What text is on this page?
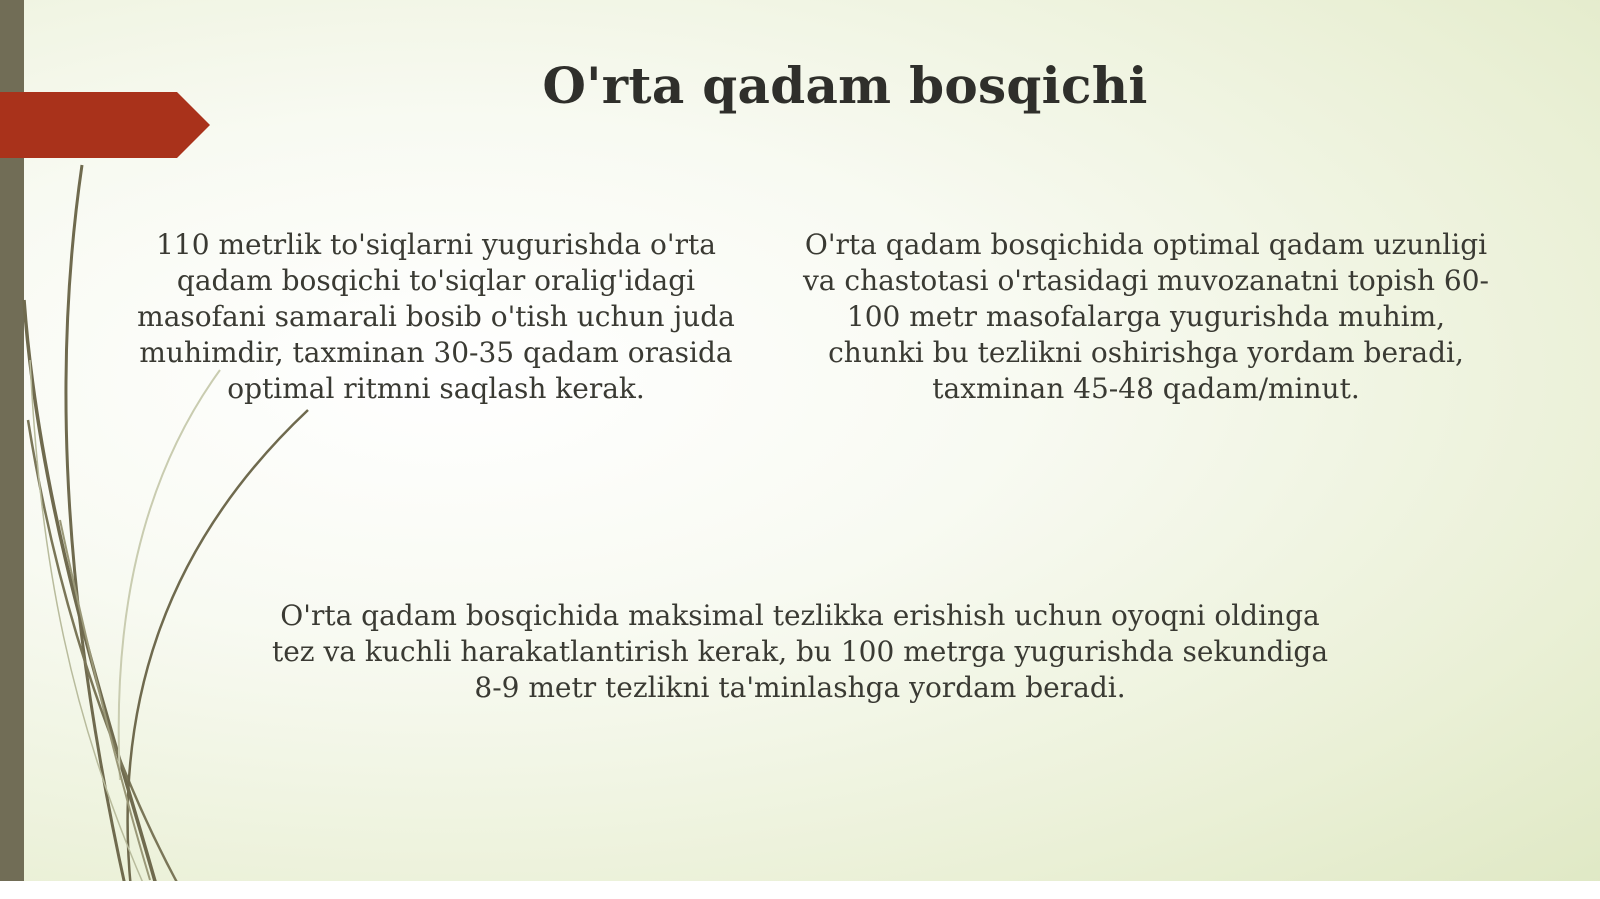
O'rta qadam bosqichi

110 metrlik to'siqlarni yugurishda o'rta qadam bosqichi to'siqlar oralig'idagi masofani samarali bosib o'tish uchun juda muhimdir, taxminan 30-35 qadam orasida optimal ritmni saqlash kerak.

O'rta qadam bosqichida optimal qadam uzunligi va chastotasi o'rtasidagi muvozanatni topish 60-100 metr masofalarga yugurishda muhim, chunki bu tezlikni oshirishga yordam beradi, taxminan 45-48 qadam/minut.

O'rta qadam bosqichida maksimal tezlikka erishish uchun oyoqni oldinga tez va kuchli harakatlantirish kerak, bu 100 metrga yugurishda sekundiga 8-9 metr tezlikni ta'minlashga yordam beradi.
